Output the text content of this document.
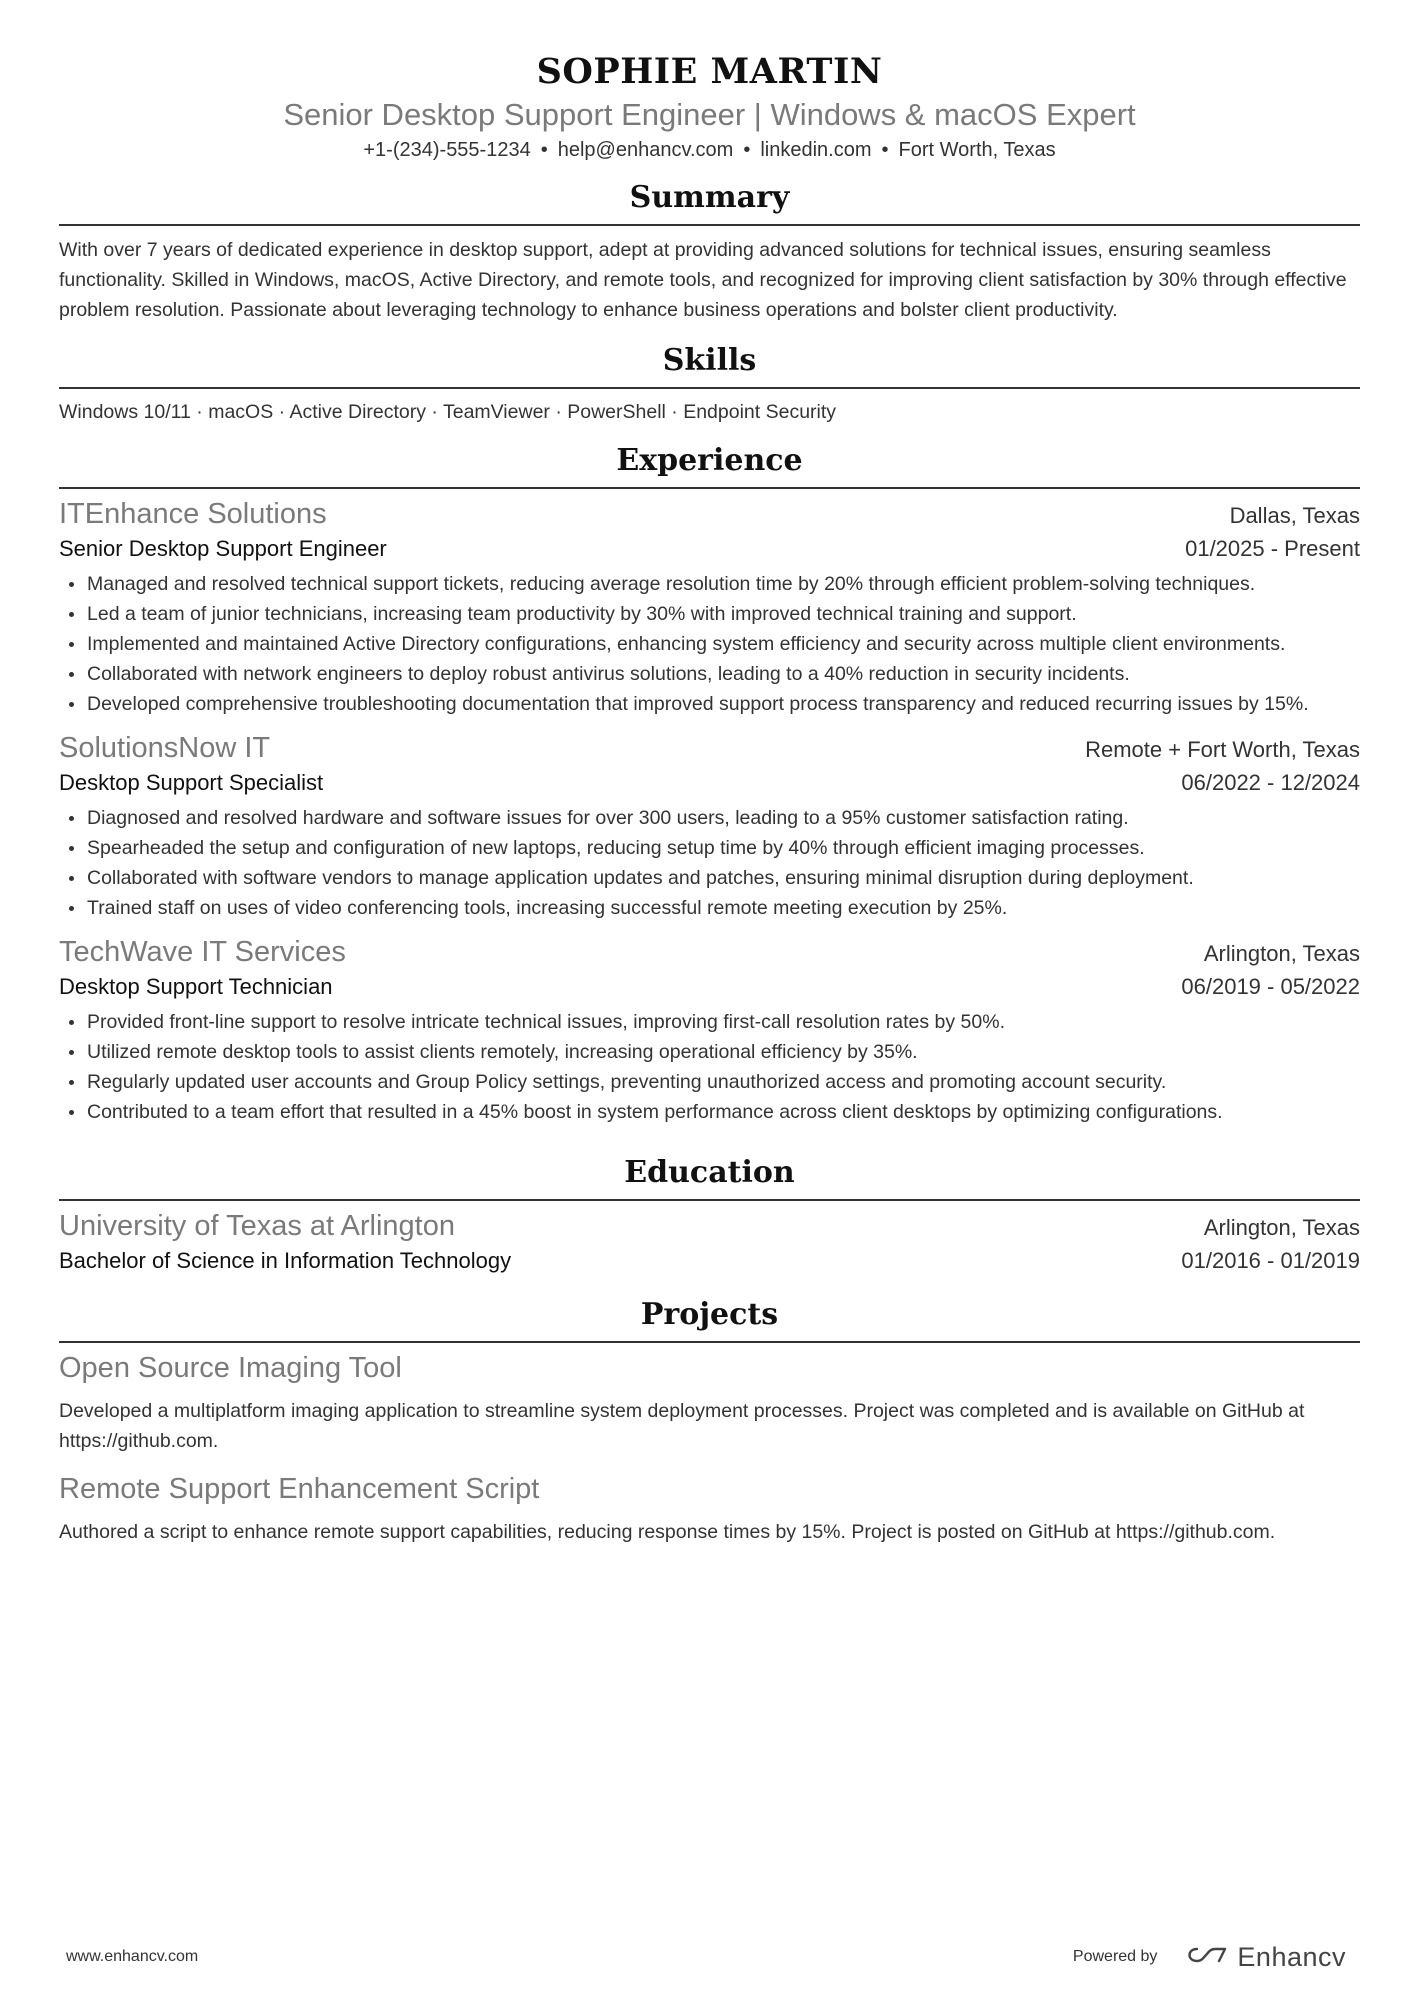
SOPHIE MARTIN
Senior Desktop Support Engineer | Windows & macOS Expert
+1-(234)-555-1234 • help@enhancv.com • linkedin.com • Fort Worth, Texas
Summary
With over 7 years of dedicated experience in desktop support, adept at providing advanced solutions for technical issues, ensuring seamless functionality. Skilled in Windows, macOS, Active Directory, and remote tools, and recognized for improving client satisfaction by 30% through effective problem resolution. Passionate about leveraging technology to enhance business operations and bolster client productivity.
Skills
Windows 10/11 · macOS · Active Directory · TeamViewer · PowerShell · Endpoint Security
Experience
ITEnhance Solutions	Dallas, Texas
Senior Desktop Support Engineer	01/2025 - Present
Managed and resolved technical support tickets, reducing average resolution time by 20% through efficient problem-solving techniques.
Led a team of junior technicians, increasing team productivity by 30% with improved technical training and support.
Implemented and maintained Active Directory configurations, enhancing system efficiency and security across multiple client environments.
Collaborated with network engineers to deploy robust antivirus solutions, leading to a 40% reduction in security incidents.
Developed comprehensive troubleshooting documentation that improved support process transparency and reduced recurring issues by 15%.
SolutionsNow IT	Remote + Fort Worth, Texas
Desktop Support Specialist	06/2022 - 12/2024
Diagnosed and resolved hardware and software issues for over 300 users, leading to a 95% customer satisfaction rating.
Spearheaded the setup and configuration of new laptops, reducing setup time by 40% through efficient imaging processes.
Collaborated with software vendors to manage application updates and patches, ensuring minimal disruption during deployment.
Trained staff on uses of video conferencing tools, increasing successful remote meeting execution by 25%.
TechWave IT Services	Arlington, Texas
Desktop Support Technician	06/2019 - 05/2022
Provided front-line support to resolve intricate technical issues, improving first-call resolution rates by 50%.
Utilized remote desktop tools to assist clients remotely, increasing operational efficiency by 35%.
Regularly updated user accounts and Group Policy settings, preventing unauthorized access and promoting account security.
Contributed to a team effort that resulted in a 45% boost in system performance across client desktops by optimizing configurations.
Education
University of Texas at Arlington	Arlington, Texas
Bachelor of Science in Information Technology	01/2016 - 01/2019
Projects
Open Source Imaging Tool
Developed a multiplatform imaging application to streamline system deployment processes. Project was completed and is available on GitHub at https://github.com.
Remote Support Enhancement Script
Authored a script to enhance remote support capabilities, reducing response times by 15%. Project is posted on GitHub at https://github.com.
www.enhancv.com	Powered by	Enhancv
